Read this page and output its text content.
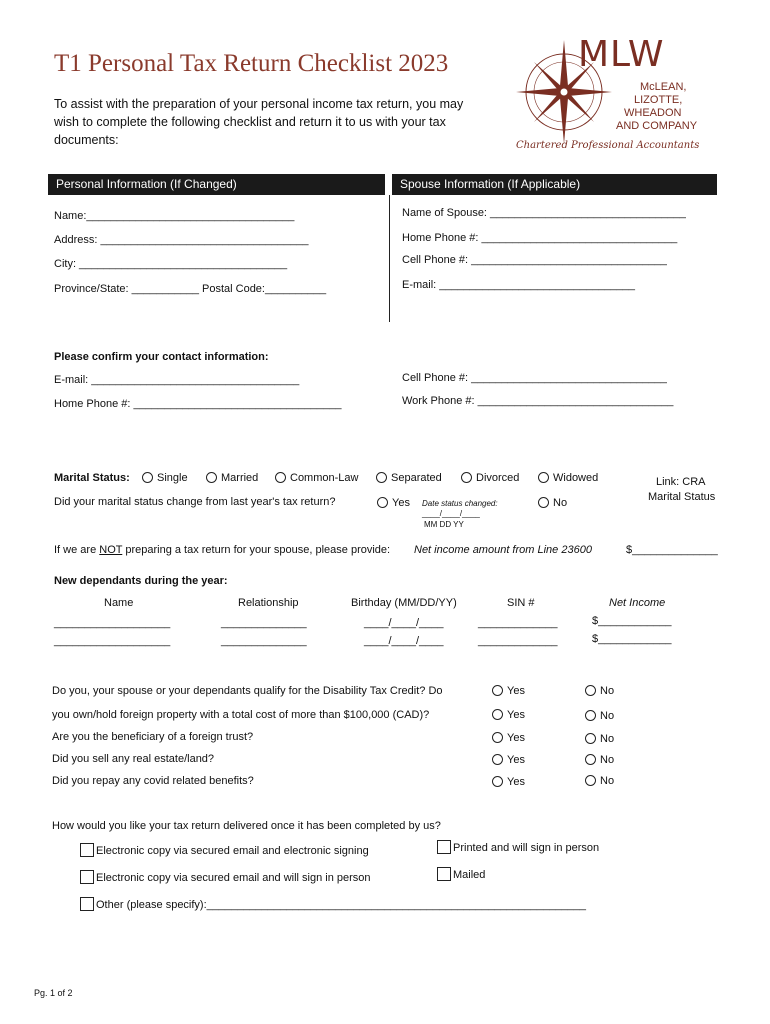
T1 Personal Tax Return Checklist 2023
To assist with the preparation of your personal income tax return, you may wish to complete the following checklist and return it to us with your tax documents:
MLW
McLEAN,
LIZOTTE,
WHEADON
AND COMPANY
Chartered Professional Accountants
Personal Information (If Changed)	Spouse Information (If Applicable)
Name:__________________________________
Address: __________________________________
City: __________________________________
Province/State: ___________ Postal Code:__________
Name of Spouse: ________________________________
Home Phone #: ________________________________
Cell Phone #: ________________________________
E-mail: ________________________________
Please confirm your contact information:
E-mail: __________________________________
Home Phone #: __________________________________
Cell Phone #: ________________________________
Work Phone #: ________________________________
Marital Status:	Single	Married	Common-Law	Separated	Divorced	Widowed	Link: CRA
Marital Status
Did your marital status change from last year's tax return?	Yes Date status changed:
____/____/____
MM DD YY
No
If we are NOT preparing a tax return for your spouse, please provide: Net income amount from Line 23600	$______________
New dependants during the year:
Name	Relationship	Birthday (MM/DD/YY)	SIN #	Net Income
___________________	______________	____/____/____	_____________	$____________
___________________	______________	____/____/____	_____________	$____________
Do you, your spouse or your dependants qualify for the Disability Tax Credit? Do	Yes	No
you own/hold foreign property with a total cost of more than $100,000 (CAD)?	Yes	No
Are you the beneficiary of a foreign trust?	Yes	No
Did you sell any real estate/land?	Yes	No
Did you repay any covid related benefits?	Yes	No
How would you like your tax return delivered once it has been completed by us?
Electronic copy via secured email and electronic signing	Printed and will sign in person
Electronic copy via secured email and will sign in person	Mailed
Other (please specify):______________________________________________________________
Pg. 1 of 2
